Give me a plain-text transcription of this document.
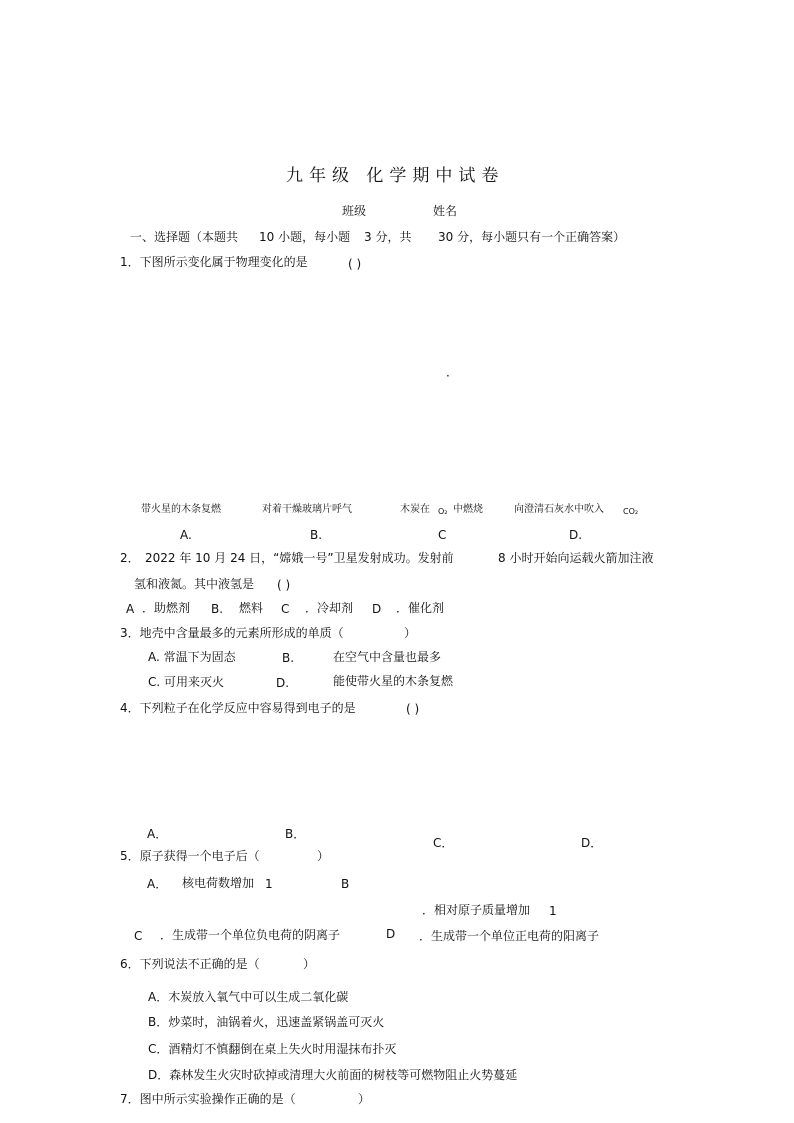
九年级 化学期中试卷
班级	姓名
一、选择题（本题共 10 小题，每小题 3 分，共 30 分，每小题只有一个正确答案）
1．下图所示变化属于物理变化的是	( )
·
带火星的木条复燃	对着干燥玻璃片呼气	木炭在 O₂ 中燃烧	向澄清石灰水中吹入 CO₂
A.	B.	C	D.
2． 2022 年 10 月 24 日，“嫦娥一号”卫星发射成功。发射前	8 小时开始向运载火箭加注液
氢和液氮。其中液氢是 ( )
A ．助燃剂 B. 燃料 C ．冷却剂 D ．催化剂
3．地壳中含量最多的元素所形成的单质（	）
A. 常温下为固态	B.	在空气中含量也最多
C. 可用来灭火	D.	能使带火星的木条复燃
4．下列粒子在化学反应中容易得到电子的是	( )
A．	B．
C．	D．
5．原子获得一个电子后（	）
A． 核电荷数增加 1	B
．相对原子质量增加 1
C ．生成带一个单位负电荷的阴离子	D ．生成带一个单位正电荷的阳离子
6．下列说法不正确的是（	）
A．木炭放入氧气中可以生成二氧化碳
B．炒菜时，油锅着火，迅速盖紧锅盖可灭火
C．酒精灯不慎翻倒在桌上失火时用湿抹布扑灭
D．森林发生火灾时砍掉或清理大火前面的树枝等可燃物阻止火势蔓延
7．图中所示实验操作正确的是（	）
